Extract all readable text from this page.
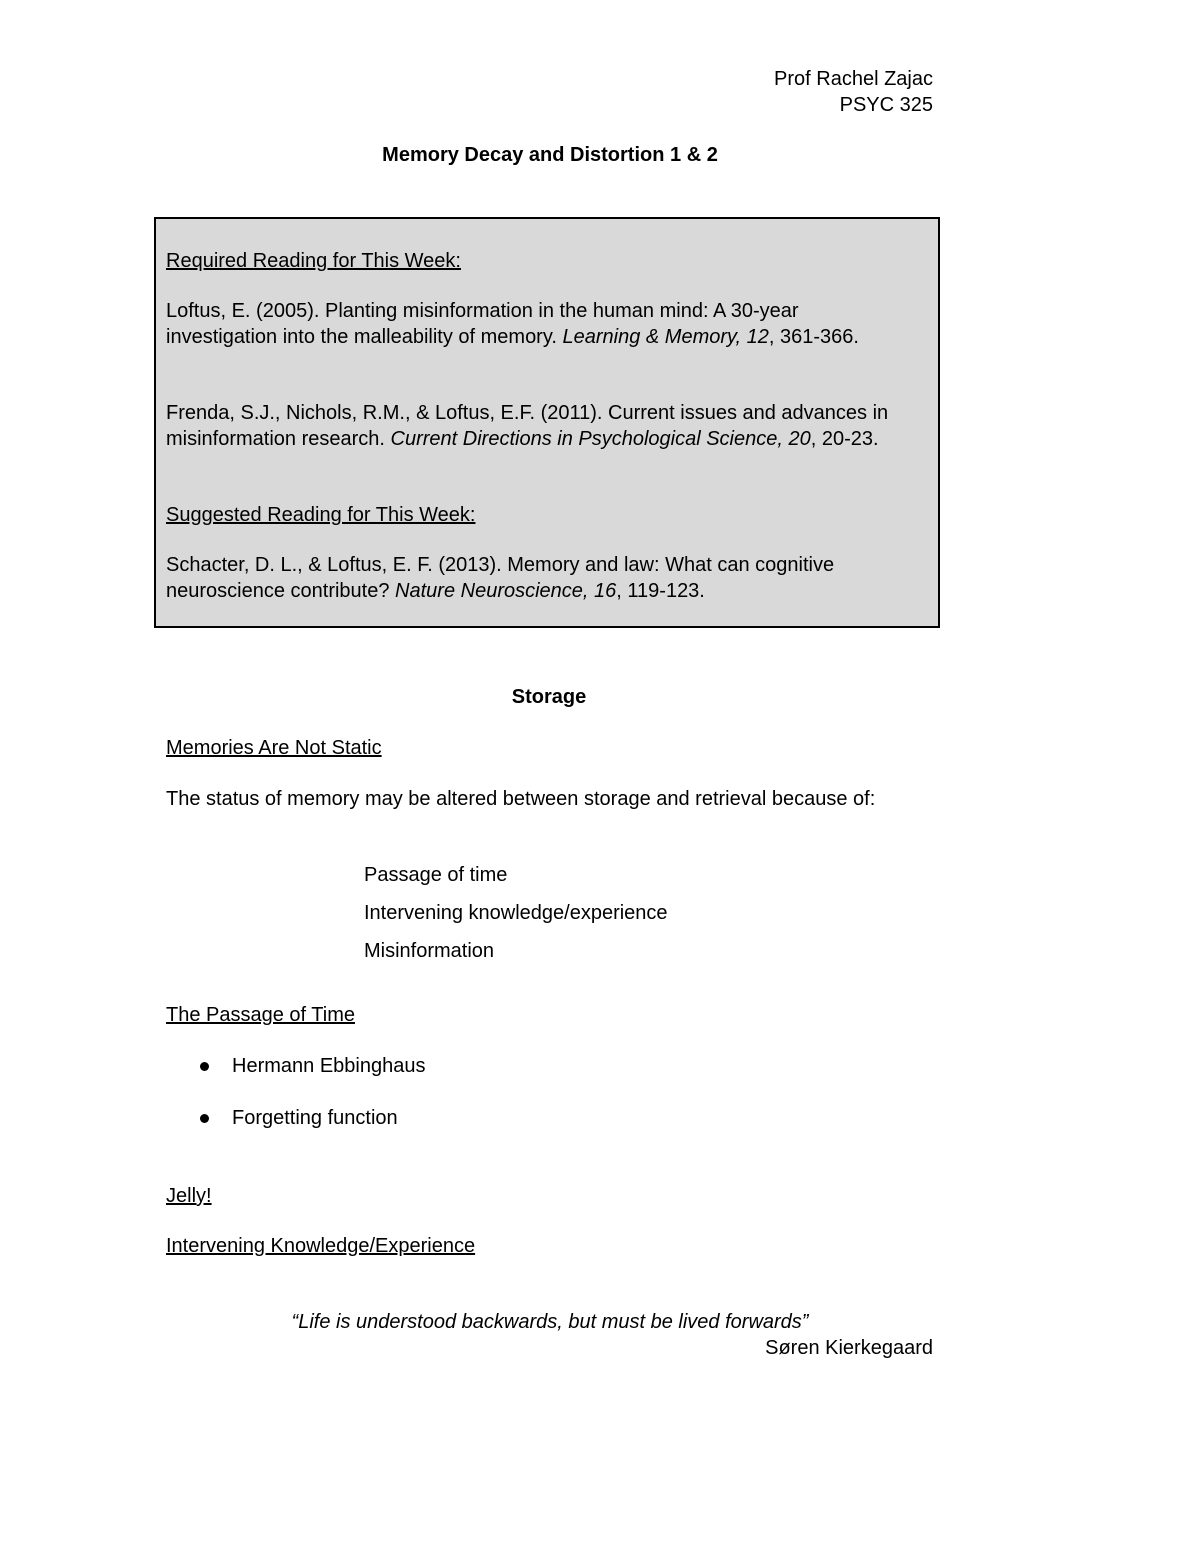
Prof Rachel Zajac
PSYC 325
Memory Decay and Distortion 1 & 2
Required Reading for This Week:
Loftus, E. (2005). Planting misinformation in the human mind: A 30-year investigation into the malleability of memory. Learning & Memory, 12, 361-366.
Frenda, S.J., Nichols, R.M., & Loftus, E.F. (2011). Current issues and advances in misinformation research. Current Directions in Psychological Science, 20, 20-23.
Suggested Reading for This Week:
Schacter, D. L., & Loftus, E. F. (2013). Memory and law: What can cognitive neuroscience contribute? Nature Neuroscience, 16, 119-123.
Storage
Memories Are Not Static
The status of memory may be altered between storage and retrieval because of:
Passage of time
Intervening knowledge/experience
Misinformation
The Passage of Time
Hermann Ebbinghaus
Forgetting function
Jelly!
Intervening Knowledge/Experience
“Life is understood backwards, but must be lived forwards”
Søren Kierkegaard
